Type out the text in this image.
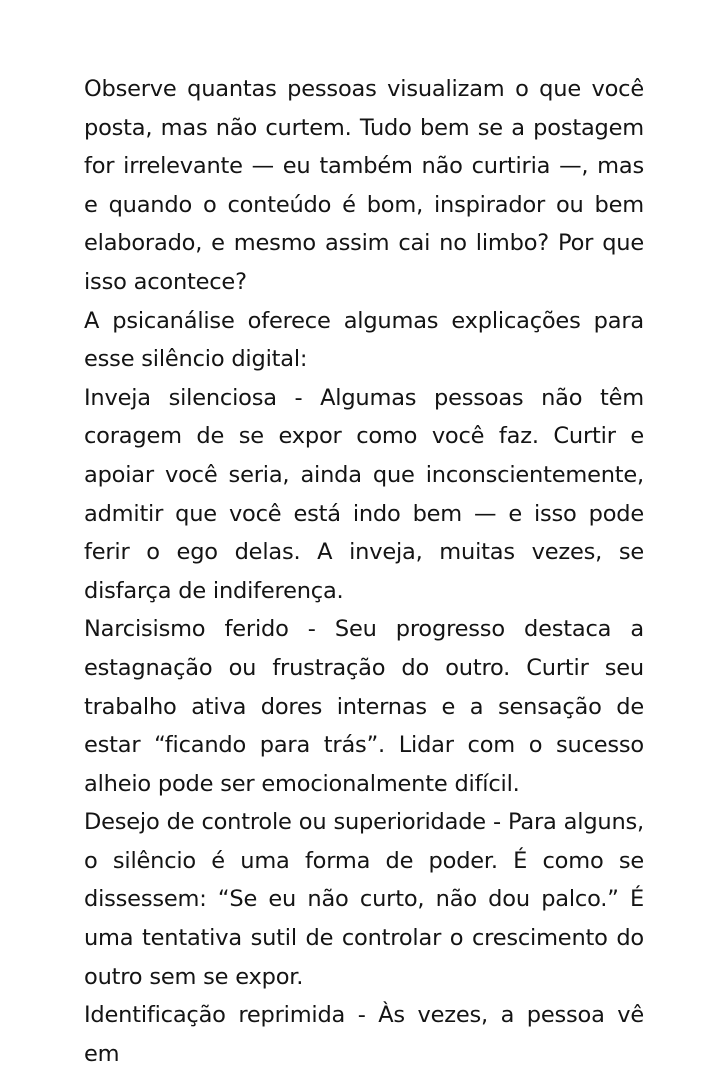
Observe quantas pessoas visualizam o que você posta, mas não curtem. Tudo bem se a postagem for irrelevante — eu também não curtiria —, mas e quando o conteúdo é bom, inspirador ou bem elaborado, e mesmo assim cai no limbo? Por que isso acontece?

A psicanálise oferece algumas explicações para esse silêncio digital:

Inveja silenciosa - Algumas pessoas não têm coragem de se expor como você faz. Curtir e apoiar você seria, ainda que inconscientemente, admitir que você está indo bem — e isso pode ferir o ego delas. A inveja, muitas vezes, se disfarça de indiferença.

Narcisismo ferido - Seu progresso destaca a estagnação ou frustração do outro. Curtir seu trabalho ativa dores internas e a sensação de estar “ficando para trás”. Lidar com o sucesso alheio pode ser emocionalmente difícil.

Desejo de controle ou superioridade - Para alguns, o silêncio é uma forma de poder. É como se dissessem: “Se eu não curto, não dou palco.” É uma tentativa sutil de controlar o crescimento do outro sem se expor.

Identificação reprimida - Às vezes, a pessoa vê em
